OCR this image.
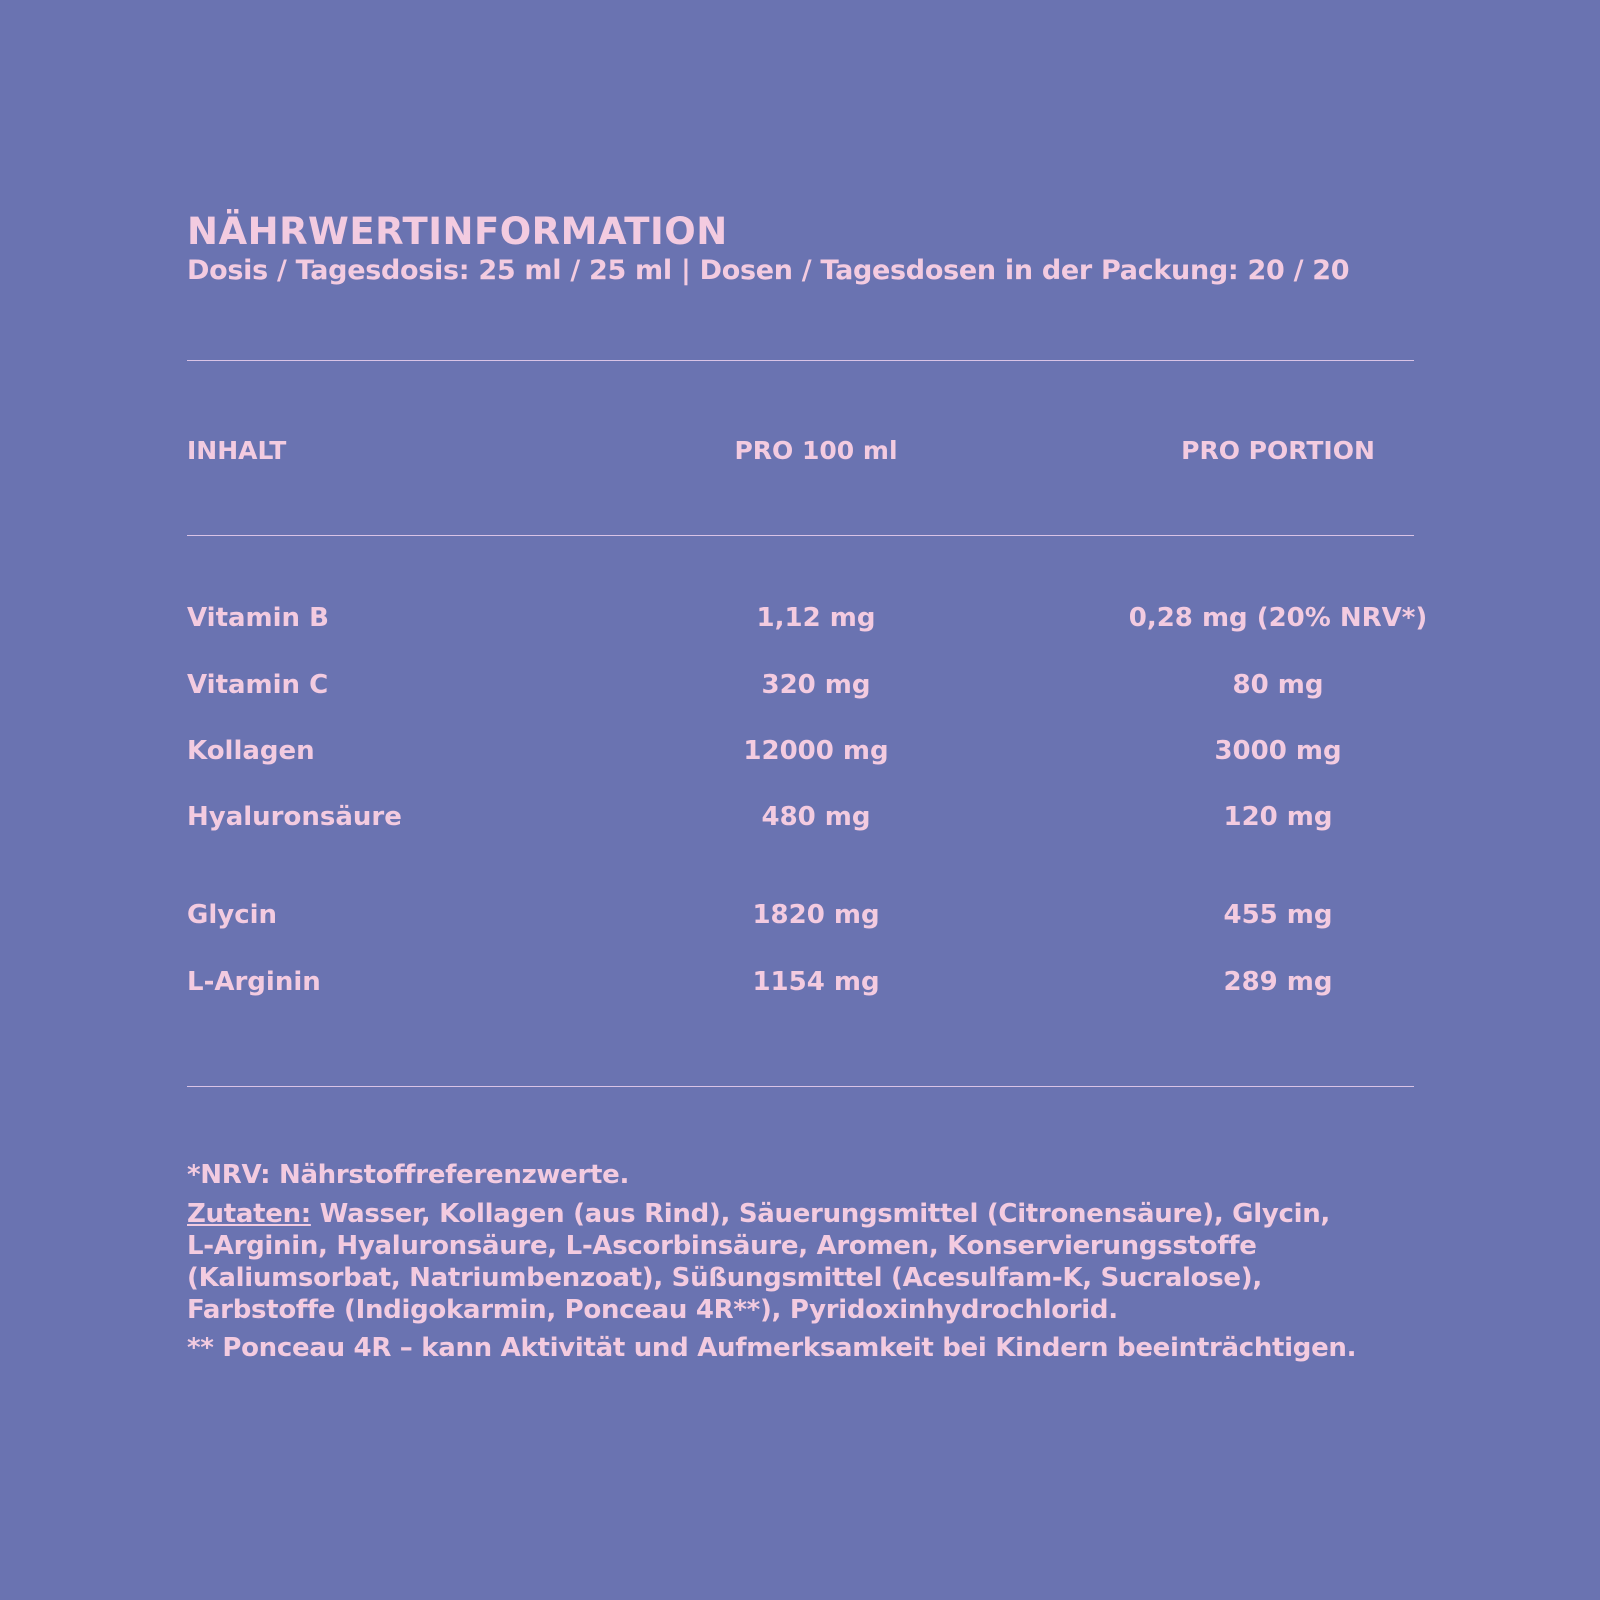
NÄHRWERTINFORMATION
Dosis / Tagesdosis: 25 ml / 25 ml | Dosen / Tagesdosen in der Packung: 20 / 20
INHALT	PRO 100 ml	PRO PORTION
Vitamin B	1,12 mg	0,28 mg (20% NRV*)
Vitamin C	320 mg	80 mg
Kollagen	12000 mg	3000 mg
Hyaluronsäure	480 mg	120 mg
Glycin	1820 mg	455 mg
L-Arginin	1154 mg	289 mg
*NRV: Nährstoffreferenzwerte.
Zutaten: Wasser, Kollagen (aus Rind), Säuerungsmittel (Citronensäure), Glycin,
L-Arginin, Hyaluronsäure, L-Ascorbinsäure, Aromen, Konservierungsstoffe
(Kaliumsorbat, Natriumbenzoat), Süßungsmittel (Acesulfam-K, Sucralose),
Farbstoffe (Indigokarmin, Ponceau 4R**), Pyridoxinhydrochlorid.
** Ponceau 4R – kann Aktivität und Aufmerksamkeit bei Kindern beeinträchtigen.
